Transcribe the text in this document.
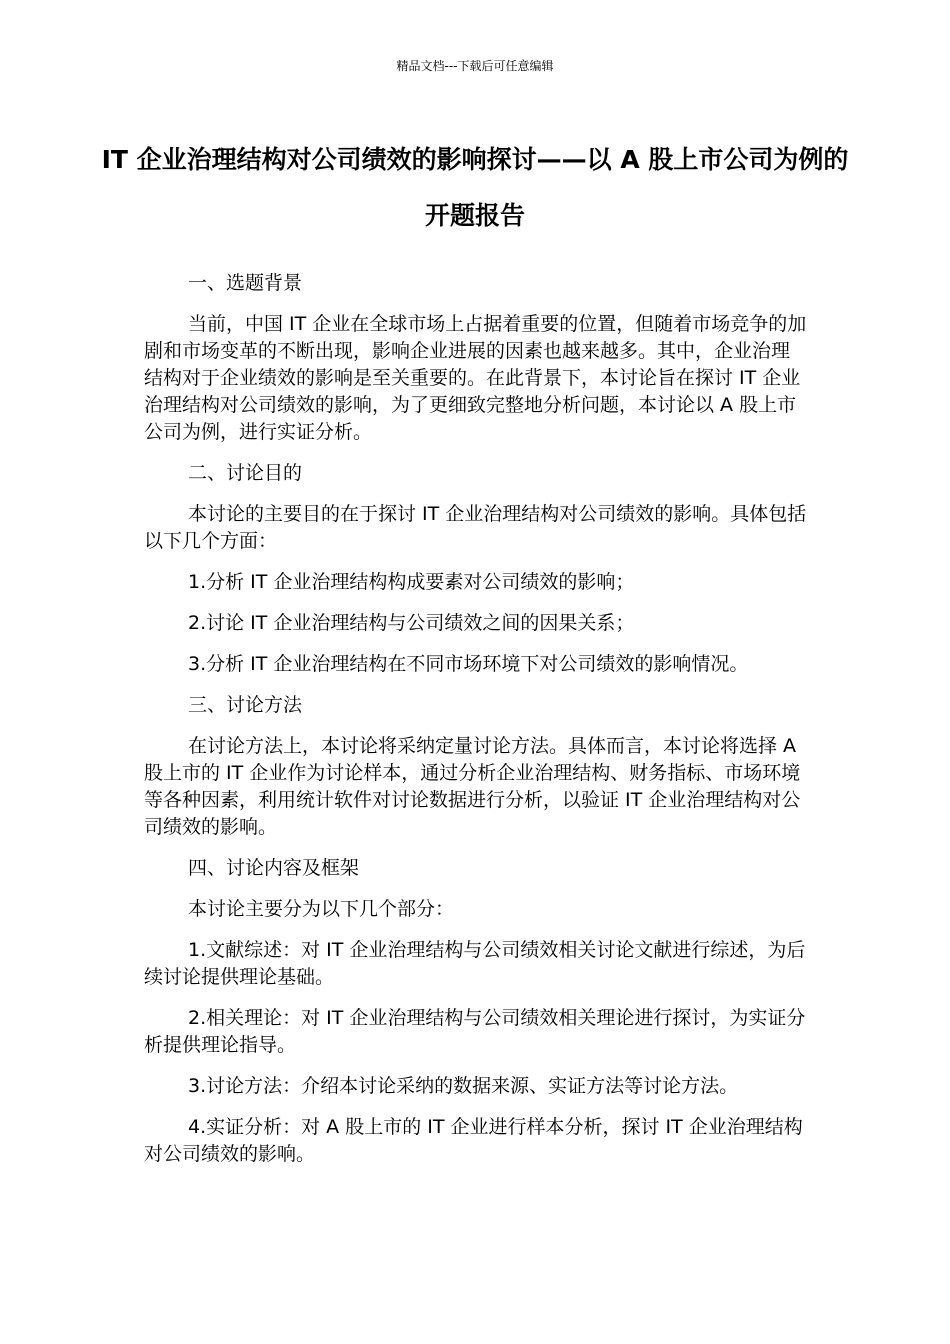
精品文档---下载后可任意编辑
IT 企业治理结构对公司绩效的影响探讨——以 A 股上市公司为例的开题报告

一、选题背景

当前，中国 IT 企业在全球市场上占据着重要的位置，但随着市场竞争的加剧和市场变革的不断出现，影响企业进展的因素也越来越多。其中，企业治理结构对于企业绩效的影响是至关重要的。在此背景下，本讨论旨在探讨 IT 企业治理结构对公司绩效的影响，为了更细致完整地分析问题，本讨论以 A 股上市公司为例，进行实证分析。

二、讨论目的

本讨论的主要目的在于探讨 IT 企业治理结构对公司绩效的影响。具体包括以下几个方面：

1.分析 IT 企业治理结构构成要素对公司绩效的影响；

2.讨论 IT 企业治理结构与公司绩效之间的因果关系；

3.分析 IT 企业治理结构在不同市场环境下对公司绩效的影响情况。

三、讨论方法

在讨论方法上，本讨论将采纳定量讨论方法。具体而言，本讨论将选择 A 股上市的 IT 企业作为讨论样本，通过分析企业治理结构、财务指标、市场环境等各种因素，利用统计软件对讨论数据进行分析，以验证 IT 企业治理结构对公司绩效的影响。

四、讨论内容及框架

本讨论主要分为以下几个部分：

1.文献综述：对 IT 企业治理结构与公司绩效相关讨论文献进行综述，为后续讨论提供理论基础。

2.相关理论：对 IT 企业治理结构与公司绩效相关理论进行探讨，为实证分析提供理论指导。

3.讨论方法：介绍本讨论采纳的数据来源、实证方法等讨论方法。

4.实证分析：对 A 股上市的 IT 企业进行样本分析，探讨 IT 企业治理结构对公司绩效的影响。
